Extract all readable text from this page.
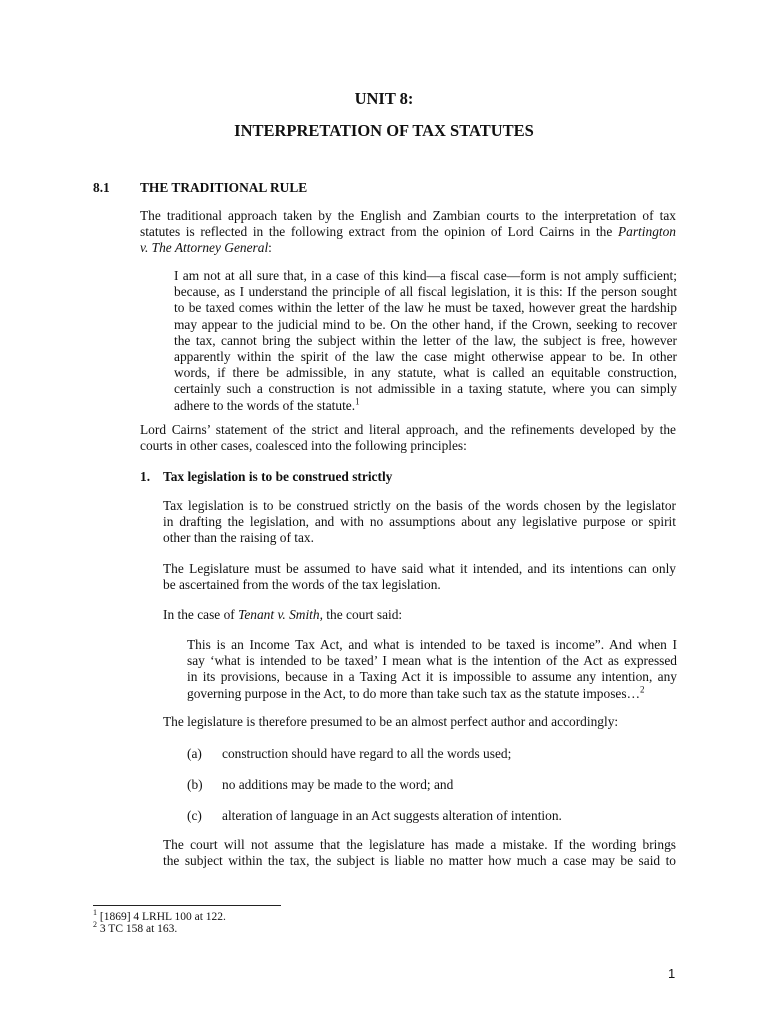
UNIT 8:
INTERPRETATION OF TAX STATUTES
8.1 THE TRADITIONAL RULE
The traditional approach taken by the English and Zambian courts to the interpretation of tax
statutes is reflected in the following extract from the opinion of Lord Cairns in the Partington
v. The Attorney General:
I am not at all sure that, in a case of this kind—a fiscal case—form is not amply sufficient;
because, as I understand the principle of all fiscal legislation, it is this: If the person sought
to be taxed comes within the letter of the law he must be taxed, however great the hardship
may appear to the judicial mind to be. On the other hand, if the Crown, seeking to recover
the tax, cannot bring the subject within the letter of the law, the subject is free, however
apparently within the spirit of the law the case might otherwise appear to be. In other
words, if there be admissible, in any statute, what is called an equitable construction,
certainly such a construction is not admissible in a taxing statute, where you can simply
adhere to the words of the statute.$^1$
Lord Cairns’ statement of the strict and literal approach, and the refinements developed by the
courts in other cases, coalesced into the following principles:
1. Tax legislation is to be construed strictly
Tax legislation is to be construed strictly on the basis of the words chosen by the legislator
in drafting the legislation, and with no assumptions about any legislative purpose or spirit
other than the raising of tax.
The Legislature must be assumed to have said what it intended, and its intentions can only
be ascertained from the words of the tax legislation.
In the case of Tenant v. Smith, the court said:
This is an Income Tax Act, and what is intended to be taxed is income”. And when I
say ‘what is intended to be taxed’ I mean what is the intention of the Act as expressed
in its provisions, because in a Taxing Act it is impossible to assume any intention, any
governing purpose in the Act, to do more than take such tax as the statute imposes…$^2$
The legislature is therefore presumed to be an almost perfect author and accordingly:
(a) construction should have regard to all the words used;
(b) no additions may be made to the word; and
(c) alteration of language in an Act suggests alteration of intention.
The court will not assume that the legislature has made a mistake. If the wording brings
the subject within the tax, the subject is liable no matter how much a case may be said to
$^1$ [1869] 4 LRHL 100 at 122.
$^2$ 3 TC 158 at 163.
1
